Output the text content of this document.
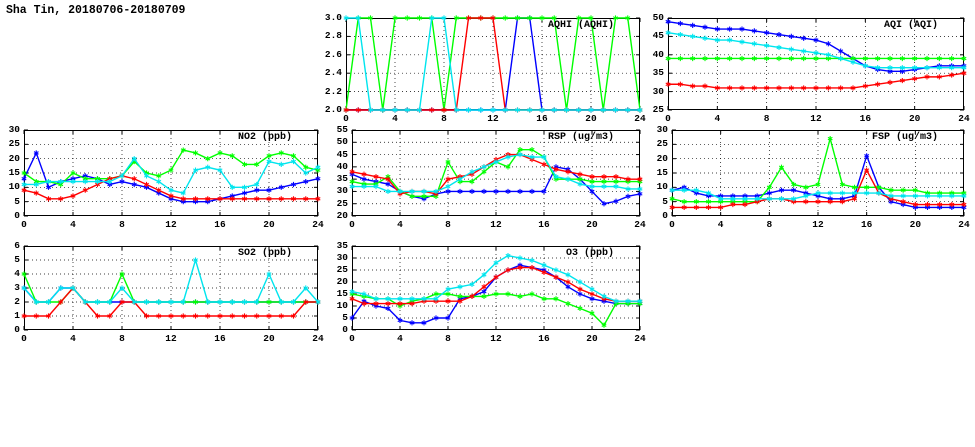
Sha Tin, 20180706-20180709
AQHI (AQHI)
2.0
2.2
2.4
2.6
2.8
3.0
0	4	8	12	16	20	24
AQI (AQI)
25
30
35
40
45
50
0	4	8	12	16	20	24
NO2 (ppb)
0
5
10
15
20
25
30
0	4	8	12	16	20	24
RSP (ug/m3)
20
25
30
35
40
45
50
55
0	4	8	12	16	20	24
FSP (ug/m3)
0
5
10
15
20
25
30
0	4	8	12	16	20	24
SO2 (ppb)
0
1
2
3
4
5
6
0	4	8	12	16	20	24
O3 (ppb)
0
5
10
15
20
25
30
35
0	4	8	12	16	20	24
